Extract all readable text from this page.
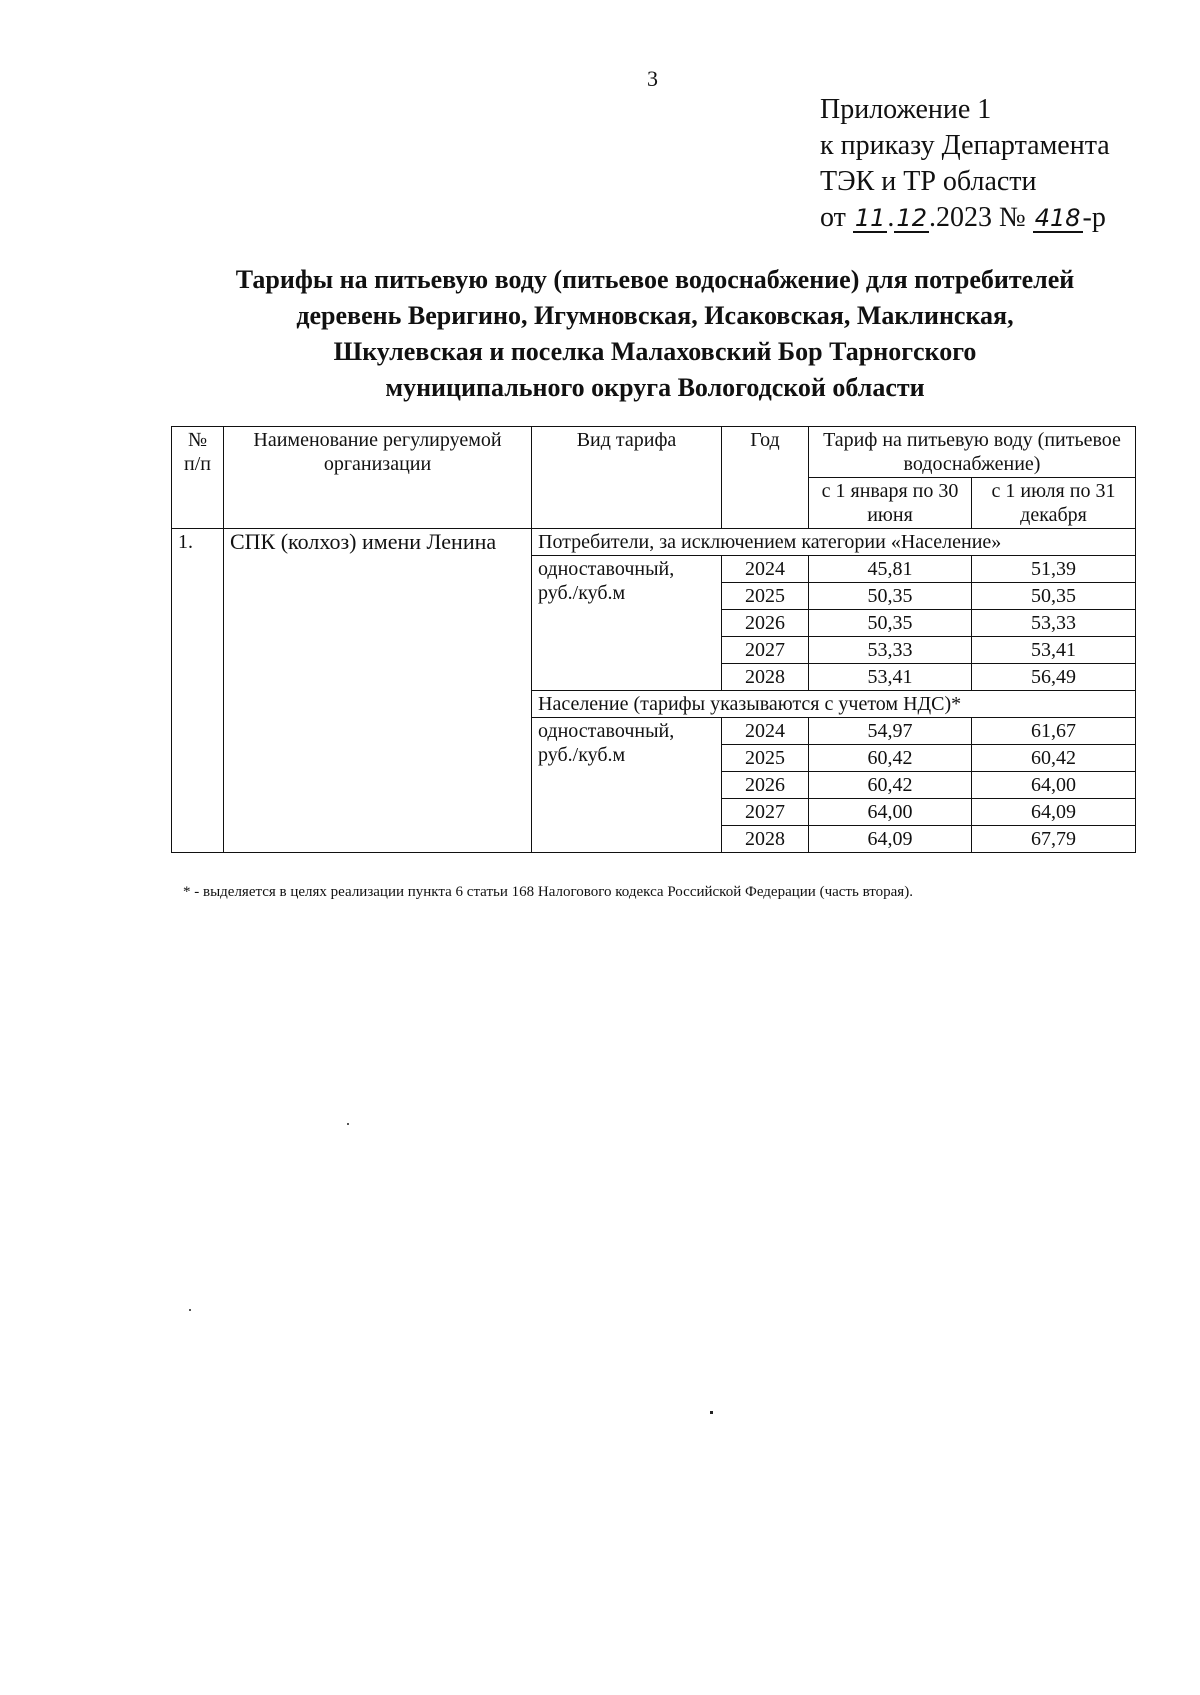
3
Приложение 1
к приказу Департамента
ТЭК и ТР области
от 11.12.2023 № 418-р
Тарифы на питьевую воду (питьевое водоснабжение) для потребителей
деревень Веригино, Игумновская, Исаковская, Маклинская,
Шкулевская и поселка Малаховский Бор Тарногского
муниципального округа Вологодской области
№ п/п	Наименование регулируемой организации	Вид тарифа	Год	Тариф на питьевую воду (питьевое водоснабжение)	
				с 1 января по 30 июня	с 1 июля по 31 декабря
1.	СПК (колхоз) имени Ленина	Потребители, за исключением категории «Население»			
		одноставочный, руб./куб.м	2024	45,81	51,39
			2025	50,35	50,35
			2026	50,35	53,33
			2027	53,33	53,41
			2028	53,41	56,49
		Население (тарифы указываются с учетом НДС)*			
		одноставочный, руб./куб.м	2024	54,97	61,67
			2025	60,42	60,42
			2026	60,42	64,00
			2027	64,00	64,09
			2028	64,09	67,79
* - выделяется в целях реализации пункта 6 статьи 168 Налогового кодекса Российской Федерации (часть вторая).
